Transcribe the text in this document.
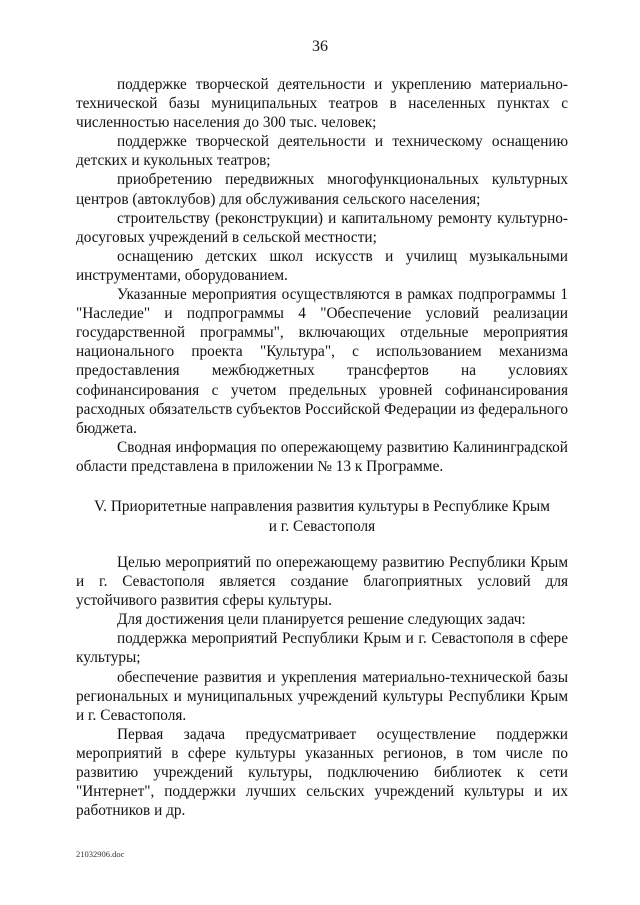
36

поддержке творческой деятельности и укреплению материально-технической базы муниципальных театров в населенных пунктах с численностью населения до 300 тыс. человек;

поддержке творческой деятельности и техническому оснащению детских и кукольных театров;

приобретению передвижных многофункциональных культурных центров (автоклубов) для обслуживания сельского населения;

строительству (реконструкции) и капитальному ремонту культурно-досуговых учреждений в сельской местности;

оснащению детских школ искусств и училищ музыкальными инструментами, оборудованием.

Указанные мероприятия осуществляются в рамках подпрограммы 1 "Наследие" и подпрограммы 4 "Обеспечение условий реализации государственной программы", включающих отдельные мероприятия национального проекта "Культура", с использованием механизма предоставления межбюджетных трансфертов на условиях софинансирования с учетом предельных уровней софинансирования расходных обязательств субъектов Российской Федерации из федерального бюджета.

Сводная информация по опережающему развитию Калининградской области представлена в приложении № 13 к Программе.

V. Приоритетные направления развития культуры в Республике Крым
и г. Севастополя

Целью мероприятий по опережающему развитию Республики Крым и г. Севастополя является создание благоприятных условий для устойчивого развития сферы культуры.

Для достижения цели планируется решение следующих задач:

поддержка мероприятий Республики Крым и г. Севастополя в сфере культуры;

обеспечение развития и укрепления материально-технической базы региональных и муниципальных учреждений культуры Республики Крым и г. Севастополя.

Первая задача предусматривает осуществление поддержки мероприятий в сфере культуры указанных регионов, в том числе по развитию учреждений культуры, подключению библиотек к сети "Интернет", поддержки лучших сельских учреждений культуры и их работников и др.

21032906.doc
